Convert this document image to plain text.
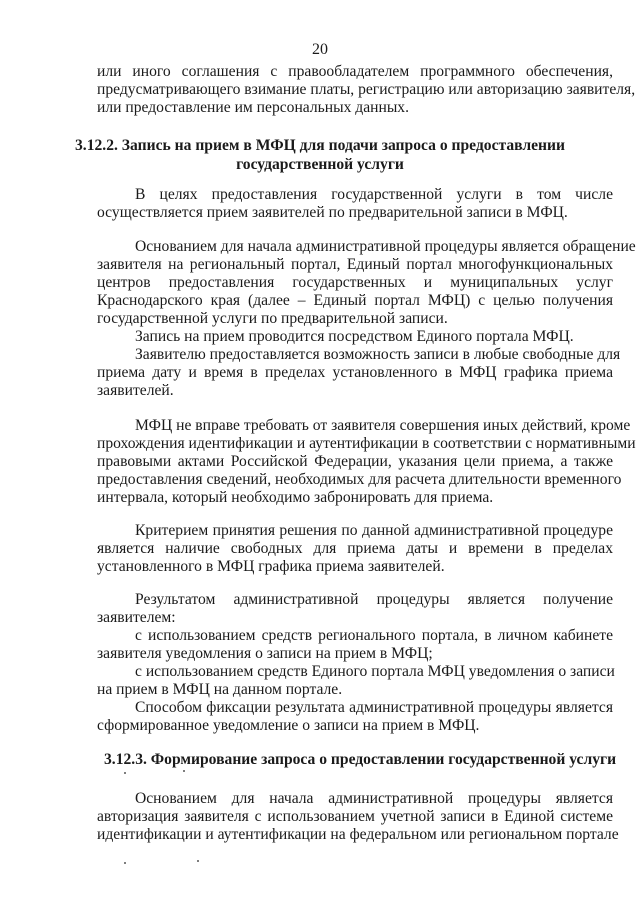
20
или иного соглашения с правообладателем программного обеспечения,
предусматривающего взимание платы, регистрацию или авторизацию заявителя,
или предоставление им персональных данных.
3.12.2. Запись на прием в МФЦ для подачи запроса о предоставлении
государственной услуги
В целях предоставления государственной услуги в том числе
осуществляется прием заявителей по предварительной записи в МФЦ.
Основанием для начала административной процедуры является обращение
заявителя на региональный портал, Единый портал многофункциональных
центров предоставления государственных и муниципальных услуг
Краснодарского края (далее – Единый портал МФЦ) с целью получения
государственной услуги по предварительной записи.
Запись на прием проводится посредством Единого портала МФЦ.
Заявителю предоставляется возможность записи в любые свободные для
приема дату и время в пределах установленного в МФЦ графика приема
заявителей.
МФЦ не вправе требовать от заявителя совершения иных действий, кроме
прохождения идентификации и аутентификации в соответствии с нормативными
правовыми актами Российской Федерации, указания цели приема, а также
предоставления сведений, необходимых для расчета длительности временного
интервала, который необходимо забронировать для приема.
Критерием принятия решения по данной административной процедуре
является наличие свободных для приема даты и времени в пределах
установленного в МФЦ графика приема заявителей.
Результатом административной процедуры является получение
заявителем:
с использованием средств регионального портала, в личном кабинете
заявителя уведомления о записи на прием в МФЦ;
с использованием средств Единого портала МФЦ уведомления о записи
на прием в МФЦ на данном портале.
Способом фиксации результата административной процедуры является
сформированное уведомление о записи на прием в МФЦ.
3.12.3. Формирование запроса о предоставлении государственной услуги
Основанием для начала административной процедуры является
авторизация заявителя с использованием учетной записи в Единой системе
идентификации и аутентификации на федеральном или региональном портале
